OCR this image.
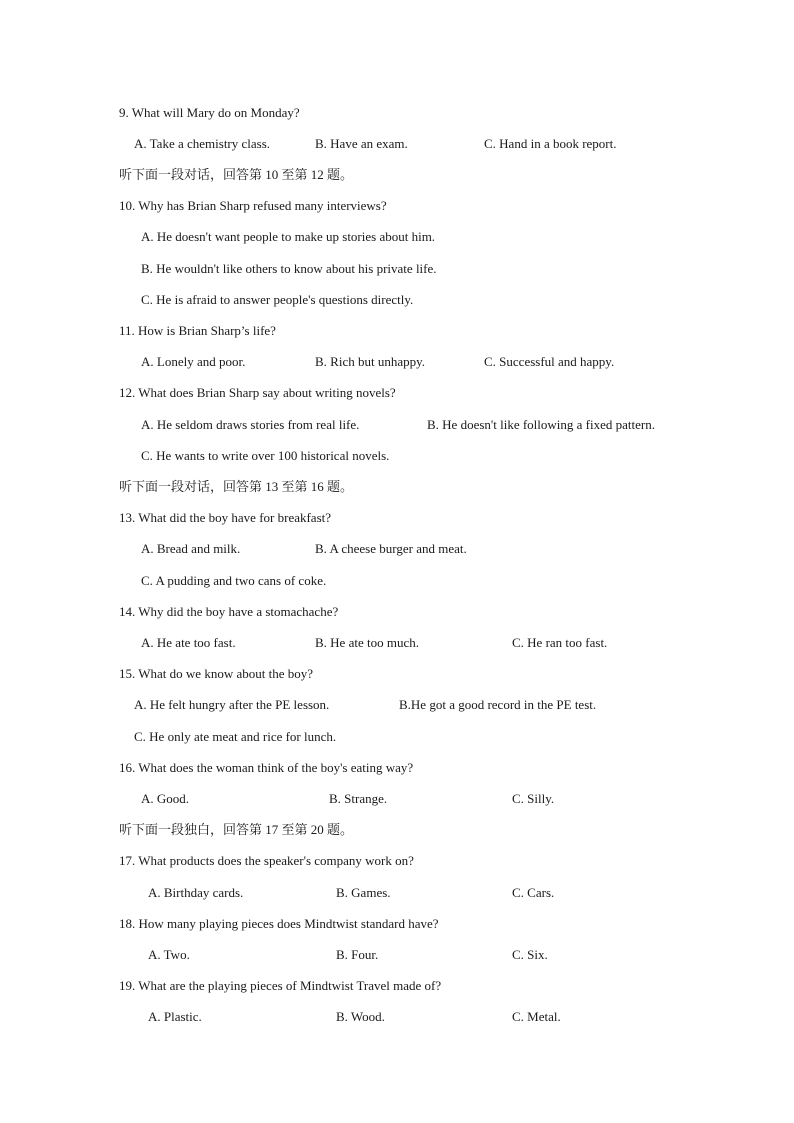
9. What will Mary do on Monday?
A. Take a chemistry class.	B. Have an exam.	C. Hand in a book report.
听下面一段对话，回答第 10 至第 12 题。
10. Why has Brian Sharp refused many interviews?
A. He doesn't want people to make up stories about him.
B. He wouldn't like others to know about his private life.
C. He is afraid to answer people's questions directly.
11. How is Brian Sharp’s life?
A. Lonely and poor.	B. Rich but unhappy.	C. Successful and happy.
12. What does Brian Sharp say about writing novels?
A. He seldom draws stories from real life.	B. He doesn't like following a fixed pattern.
C. He wants to write over 100 historical novels.
听下面一段对话，回答第 13 至第 16 题。
13. What did the boy have for breakfast?
A. Bread and milk.	B. A cheese burger and meat.
C. A pudding and two cans of coke.
14. Why did the boy have a stomachache?
A. He ate too fast.	B. He ate too much.	C. He ran too fast.
15. What do we know about the boy?
A. He felt hungry after the PE lesson.	B.He got a good record in the PE test.
C. He only ate meat and rice for lunch.
16. What does the woman think of the boy's eating way?
A. Good.	B. Strange.	C. Silly.
听下面一段独白，回答第 17 至第 20 题。
17. What products does the speaker's company work on?
A. Birthday cards.	B. Games.	C. Cars.
18. How many playing pieces does Mindtwist standard have?
A. Two.	B. Four.	C. Six.
19. What are the playing pieces of Mindtwist Travel made of?
A. Plastic.	B. Wood.	C. Metal.
